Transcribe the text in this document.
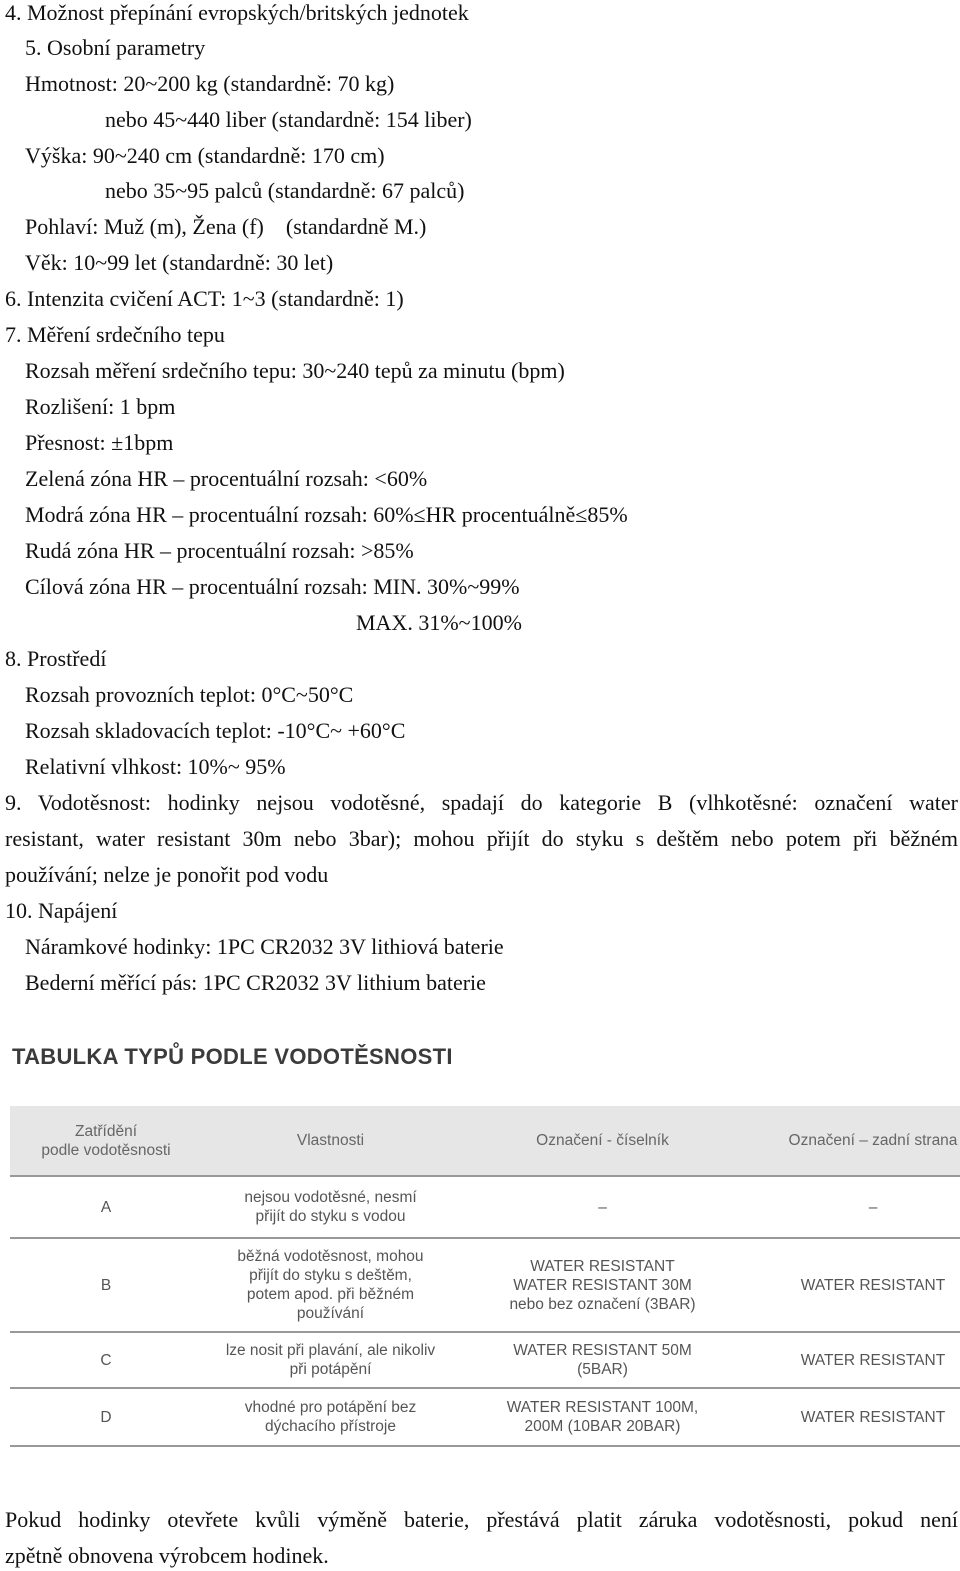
4. Možnost přepínání evropských/britských jednotek
5. Osobní parametry
Hmotnost: 20~200 kg (standardně: 70 kg)
nebo 45~440 liber (standardně: 154 liber)
Výška: 90~240 cm (standardně: 170 cm)
nebo 35~95 palců (standardně: 67 palců)
Pohlaví: Muž (m), Žena (f)    (standardně M.)
Věk: 10~99 let (standardně: 30 let)
6. Intenzita cvičení ACT: 1~3 (standardně: 1)
7. Měření srdečního tepu
Rozsah měření srdečního tepu: 30~240 tepů za minutu (bpm)
Rozlišení: 1 bpm
Přesnost: ±1bpm
Zelená zóna HR – procentuální rozsah: <60%
Modrá zóna HR – procentuální rozsah: 60%≤HR procentuálně≤85%
Rudá zóna HR – procentuální rozsah: >85%
Cílová zóna HR – procentuální rozsah: MIN. 30%~99%
MAX. 31%~100%
8. Prostředí
Rozsah provozních teplot: 0°C~50°C
Rozsah skladovacích teplot: -10°C~ +60°C
Relativní vlhkost: 10%~ 95%
9. Vodotěsnost: hodinky nejsou vodotěsné, spadají do kategorie B (vlhkotěsné: označení water
resistant, water resistant 30m nebo 3bar); mohou přijít do styku s deštěm nebo potem při běžném
používání; nelze je ponořit pod vodu
10. Napájení
Náramkové hodinky: 1PC CR2032 3V lithiová baterie
Bederní měřící pás: 1PC CR2032 3V lithium baterie
TABULKA TYPŮ PODLE VODOTĚSNOSTI
Zatřídění
podle vodotěsnosti	Vlastnosti	Označení - číselník	Označení – zadní strana
A	nejsou vodotěsné, nesmí
přijít do styku s vodou	–	–
B	běžná vodotěsnost, mohou
přijít do styku s deštěm,
potem apod. při běžném
používání	WATER RESISTANT
WATER RESISTANT 30M
nebo bez označení (3BAR)	WATER RESISTANT
C	lze nosit při plavání, ale nikoliv
při potápění	WATER RESISTANT 50M
(5BAR)	WATER RESISTANT
D	vhodné pro potápění bez
dýchacího přístroje	WATER RESISTANT 100M,
200M (10BAR 20BAR)	WATER RESISTANT
Pokud hodinky otevřete kvůli výměně baterie, přestává platit záruka vodotěsnosti, pokud není
zpětně obnovena výrobcem hodinek.
